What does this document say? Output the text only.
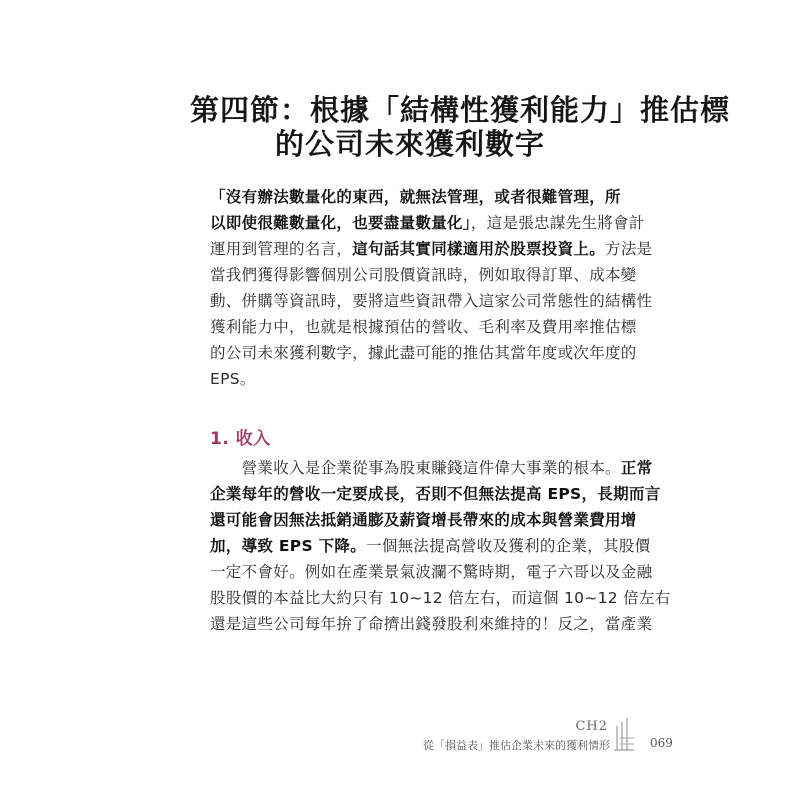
第四節：根據「結構性獲利能力」推估標
的公司未來獲利數字
「沒有辦法數量化的東西，就無法管理，或者很難管理，所
以即使很難數量化，也要盡量數量化」，這是張忠謀先生將會計
運用到管理的名言，這句話其實同樣適用於股票投資上。方法是
當我們獲得影響個別公司股價資訊時，例如取得訂單、成本變
動、併購等資訊時，要將這些資訊帶入這家公司常態性的結構性
獲利能力中，也就是根據預估的營收、毛利率及費用率推估標
的公司未來獲利數字，據此盡可能的推估其當年度或次年度的
EPS。
1. 收入
　　營業收入是企業從事為股東賺錢這件偉大事業的根本。正常
企業每年的營收一定要成長，否則不但無法提高 EPS，長期而言
還可能會因無法抵銷通膨及薪資增長帶來的成本與營業費用增
加，導致 EPS 下降。一個無法提高營收及獲利的企業，其股價
一定不會好。例如在產業景氣波瀾不驚時期，電子六哥以及金融
股股價的本益比大約只有 10~12 倍左右，而這個 10~12 倍左右
還是這些公司每年拚了命擠出錢發股利來維持的！反之，當產業
CH2
從「損益表」推估企業未來的獲利情形	069
